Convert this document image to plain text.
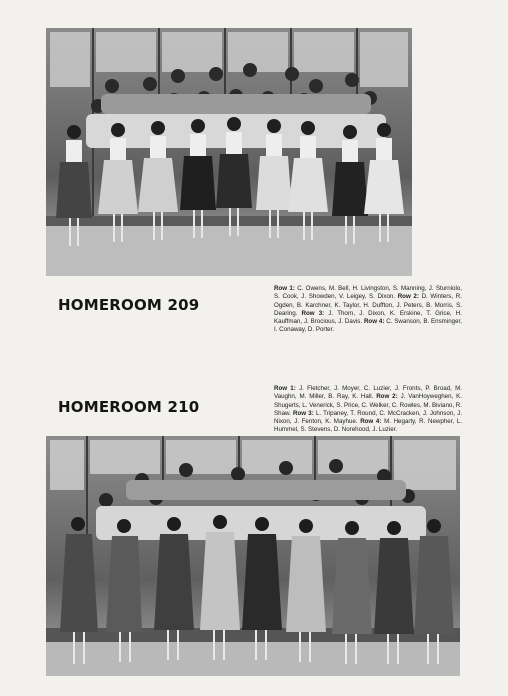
HOMEROOM 209
Row 1: C. Owens, M. Bell, H. Livingston, S. Manning, J. Sturniolo, S. Cook, J. Showden, V. Leigey, S. Dixon. Row 2: D. Winters, R. Ogden, B. Karchner, K. Taylor, H. Duffton, J. Peters, B. Morris, S. Dearing. Row 3: J. Thorn, J. Dixon, K. Erskine, T. Grice, H. Kauffman, J. Brocious, J. Davis. Row 4: C. Swanson, B. Ensminger, I. Conaway, D. Porter.
HOMEROOM 210
Row 1: J. Fletcher, J. Moyer, C. Luzier, J. Fronts, P. Broad, M. Vaughn, M. Miller, B. Ray, K. Hall. Row 2: J. VanHoyweghen, K. Shugerts, L. Venerick, S. Price, C. Welker, C. Rowles, M. Biviano, R. Shaw. Row 3: L. Tripaney, T. Round, C. McCracken, J. Johnson, J. Nixon, J. Fenton, K. Mayhue. Row 4: M. Hegarty, R. Newpher, L. Hummel, S. Stevens, D. Norehood, J. Luzier.
